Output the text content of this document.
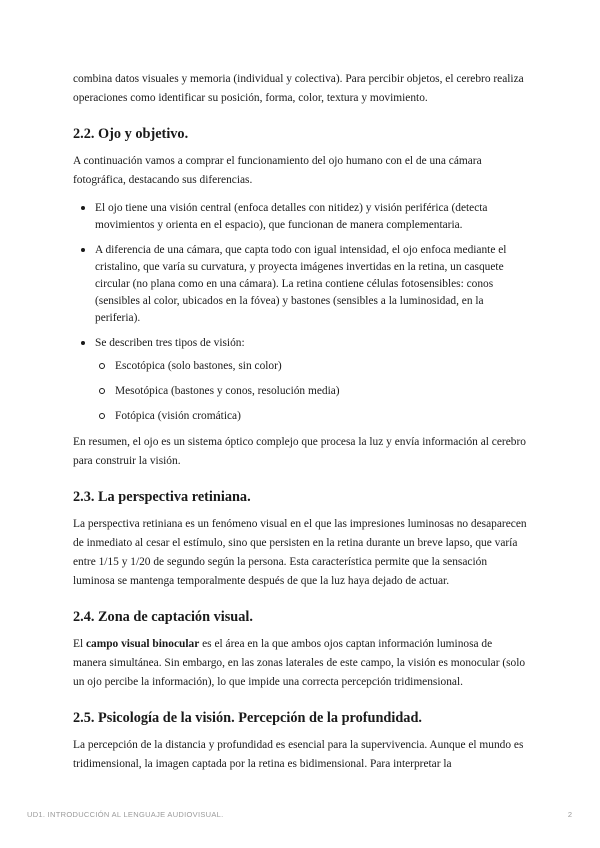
combina datos visuales y memoria (individual y colectiva). Para percibir objetos, el cerebro realiza operaciones como identificar su posición, forma, color, textura y movimiento.

2.2. Ojo y objetivo.

A continuación vamos a comprar el funcionamiento del ojo humano con el de una cámara fotográfica, destacando sus diferencias.

El ojo tiene una visión central (enfoca detalles con nitidez) y visión periférica (detecta movimientos y orienta en el espacio), que funcionan de manera complementaria.
A diferencia de una cámara, que capta todo con igual intensidad, el ojo enfoca mediante el cristalino, que varía su curvatura, y proyecta imágenes invertidas en la retina, un casquete circular (no plana como en una cámara). La retina contiene células fotosensibles: conos (sensibles al color, ubicados en la fóvea) y bastones (sensibles a la luminosidad, en la periferia).
Se describen tres tipos de visión:
Escotópica (solo bastones, sin color)
Mesotópica (bastones y conos, resolución media)
Fotópica (visión cromática)

En resumen, el ojo es un sistema óptico complejo que procesa la luz y envía información al cerebro para construir la visión.

2.3. La perspectiva retiniana.

La perspectiva retiniana es un fenómeno visual en el que las impresiones luminosas no desaparecen de inmediato al cesar el estímulo, sino que persisten en la retina durante un breve lapso, que varía entre 1/15 y 1/20 de segundo según la persona. Esta característica permite que la sensación luminosa se mantenga temporalmente después de que la luz haya dejado de actuar.

2.4. Zona de captación visual.

El campo visual binocular es el área en la que ambos ojos captan información luminosa de manera simultánea. Sin embargo, en las zonas laterales de este campo, la visión es monocular (solo un ojo percibe la información), lo que impide una correcta percepción tridimensional.

2.5. Psicología de la visión. Percepción de la profundidad.

La percepción de la distancia y profundidad es esencial para la supervivencia. Aunque el mundo es tridimensional, la imagen captada por la retina es bidimensional. Para interpretar la

UD1. INTRODUCCIÓN AL LENGUAJE AUDIOVISUAL.	2
